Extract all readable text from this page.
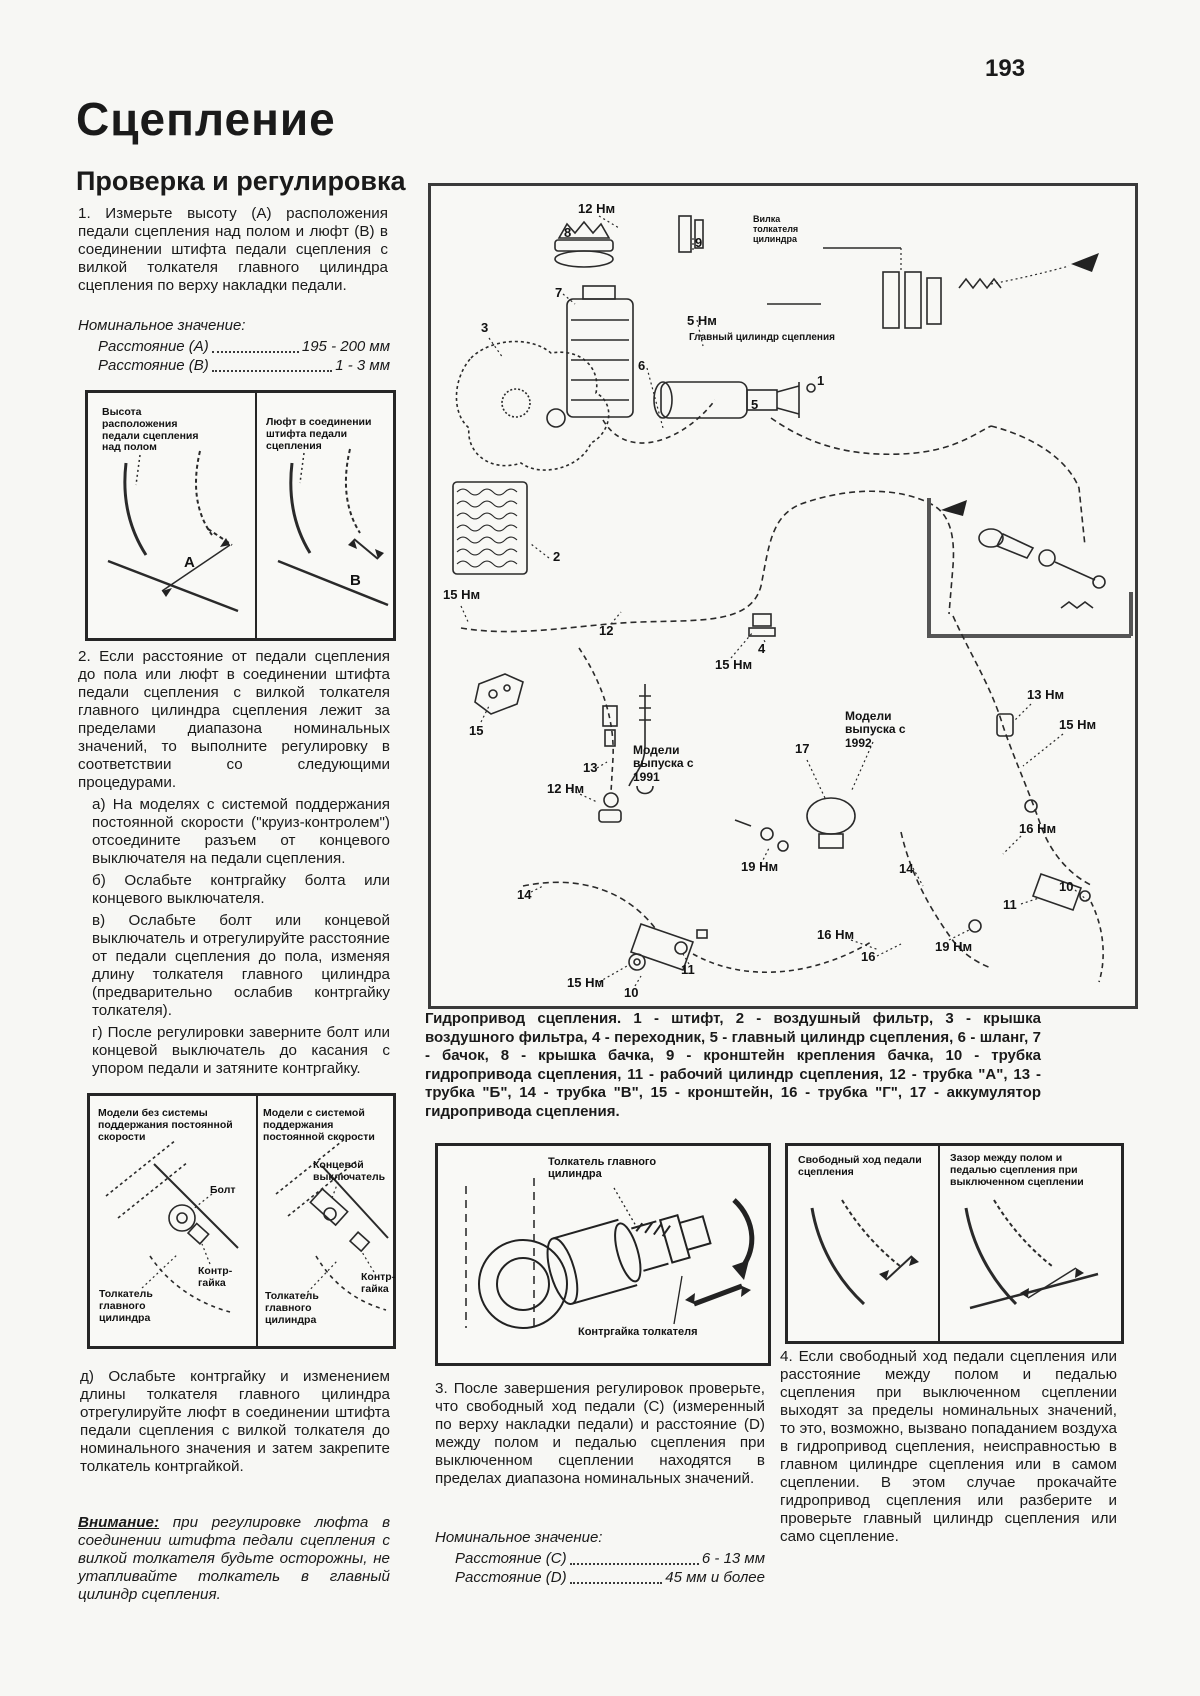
193
Сцепление
Проверка и регулировка
1. Измерьте высоту (А) расположения педали сцепления над полом и люфт (В) в соединении штифта педали сцепления с вилкой толкателя главного цилиндра сцепления по верху накладки педали.
Номинальное значение:
Расстояние (А)	195 - 200 мм
Расстояние (В)	1 - 3 мм
Высота расположения педали сцепления над полом
Люфт в соединении штифта педали сцепления
А
В

2. Если расстояние от педали сцепления до пола или люфт в соединении штифта педали сцепления с вилкой толкателя главного цилиндра сцепления лежит за пределами диапазона номинальных значений, то выполните регулировку в соответствии со следующими процедурами.

а) На моделях с системой поддержания постоянной скорости ("круиз-контролем") отсоедините разъем от концевого выключателя на педали сцепления.

б) Ослабьте контргайку болта или концевого выключателя.

в) Ослабьте болт или концевой выключатель и отрегулируйте расстояние от педали сцепления до пола, изменяя длину толкателя главного цилиндра (предварительно ослабив контргайку толкателя).

г) После регулировки заверните болт или концевой выключатель до касания с упором педали и затяните контргайку.

Модели без системы поддержания постоянной скорости
Модели с системой поддержания постоянной скорости
Болт
Контр- гайка
Толкатель главного цилиндра
Концевой выключатель
Контр- гайка
Толкатель главного цилиндра
д) Ослабьте контргайку и изменением длины толкателя главного цилиндра отрегулируйте люфт в соединении штифта педали сцепления с вилкой толкателя до номинального значения и затем закрепите толкатель контргайкой.
Внимание: при регулировке люфта в соединении штифта педали сцепления с вилкой толкателя будьте осторожны, не утапливайте толкатель в главный цилиндр сцепления.
12 Нм
8
9
7
3	5 Нм
6
1
5
Вилка толкателя цилиндра
Главный цилиндр сцепления
2
15 Нм
12
4
15 Нм
15
Модели выпуска с 1991
13
12 Нм
Модели выпуска с 1992
17
13 Нм
15 Нм
16 Нм
19 Нм	14
14
10
11
16 Нм
16
19 Нм
15 Нм
10
11
Гидропривод сцепления. 1 - штифт, 2 - воздушный фильтр, 3 - крышка воздушного фильтра, 4 - переходник, 5 - главный цилиндр сцепления, 6 - шланг, 7 - бачок, 8 - крышка бачка, 9 - кронштейн крепления бачка, 10 - трубка гидропривода сцепления, 11 - рабочий цилиндр сцепления, 12 - трубка "А", 13 - трубка "Б", 14 - трубка "В", 15 - кронштейн, 16 - трубка "Г", 17 - аккумулятор гидропривода сцепления.
Толкатель главного цилиндра
Контргайка толкателя
Свободный ход педали сцепления
Зазор между полом и педалью сцепления при выключенном сцеплении
3. После завершения регулировок проверьте, что свободный ход педали (С) (измеренный по верху накладки педали) и расстояние (D) между полом и педалью сцепления при выключенном сцеплении находятся в пределах диапазона номинальных значений.
Номинальное значение:
Расстояние (С)	6 - 13 мм
Расстояние (D)	45 мм и более
4. Если свободный ход педали сцепления или расстояние между полом и педалью сцепления при выключенном сцеплении выходят за пределы номинальных значений, то это, возможно, вызвано попаданием воздуха в гидропривод сцепления, неисправностью в главном цилиндре сцепления или в самом сцеплении. В этом случае прокачайте гидропривод сцепления или разберите и проверьте главный цилиндр сцепления или само сцепление.
